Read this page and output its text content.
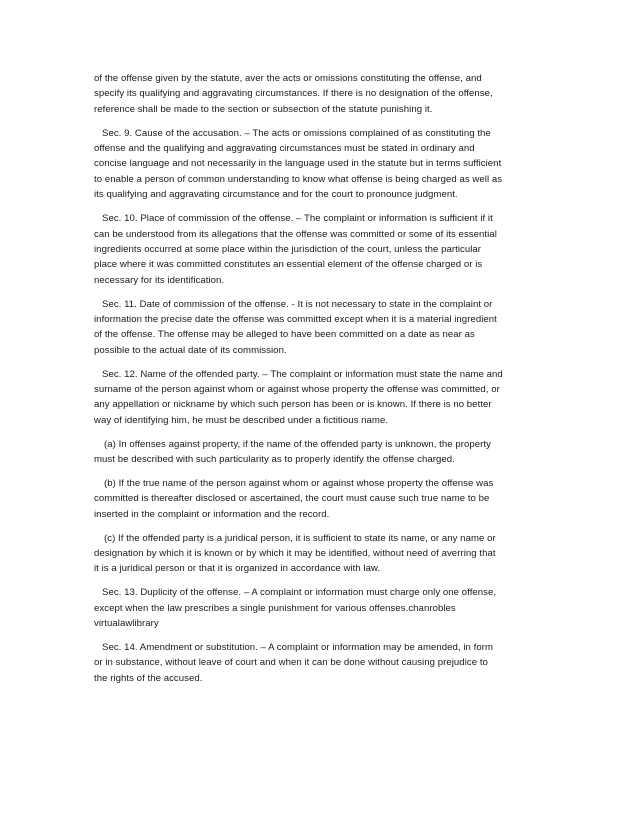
of the offense given by the statute, aver the acts or omissions constituting the offense, and
specify its qualifying and aggravating circumstances. If there is no designation of the offense,
reference shall be made to the section or subsection of the statute punishing it.

Sec. 9. Cause of the accusation. – The acts or omissions complained of as constituting the
offense and the qualifying and aggravating circumstances must be stated in ordinary and
concise language and not necessarily in the language used in the statute but in terms sufficient
to enable a person of common understanding to know what offense is being charged as well as
its qualifying and aggravating circumstance and for the court to pronounce judgment.

Sec. 10. Place of commission of the offense. – The complaint or information is sufficient if it
can be understood from its allegations that the offense was committed or some of its essential
ingredients occurred at some place within the jurisdiction of the court, unless the particular
place where it was committed constitutes an essential element of the offense charged or is
necessary for its identification.

Sec. 11. Date of commission of the offense. - It is not necessary to state in the complaint or
information the precise date the offense was committed except when it is a material ingredient
of the offense. The offense may be alleged to have been committed on a date as near as
possible to the actual date of its commission.

Sec. 12. Name of the offended party. – The complaint or information must state the name and
surname of the person against whom or against whose property the offense was committed, or
any appellation or nickname by which such person has been or is known. If there is no better
way of identifying him, he must be described under a fictitious name.

(a) In offenses against property, if the name of the offended party is unknown, the property
must be described with such particularity as to properly identify the offense charged.

(b) If the true name of the person against whom or against whose property the offense was
committed is thereafter disclosed or ascertained, the court must cause such true name to be
inserted in the complaint or information and the record.

(c) If the offended party is a juridical person, it is sufficient to state its name, or any name or
designation by which it is known or by which it may be identified, without need of averring that
it is a juridical person or that it is organized in accordance with law.

Sec. 13. Duplicity of the offense. – A complaint or information must charge only one offense,
except when the law prescribes a single punishment for various offenses.chanrobles
virtualawlibrary

Sec. 14. Amendment or substitution. – A complaint or information may be amended, in form
or in substance, without leave of court and when it can be done without causing prejudice to
the rights of the accused.
